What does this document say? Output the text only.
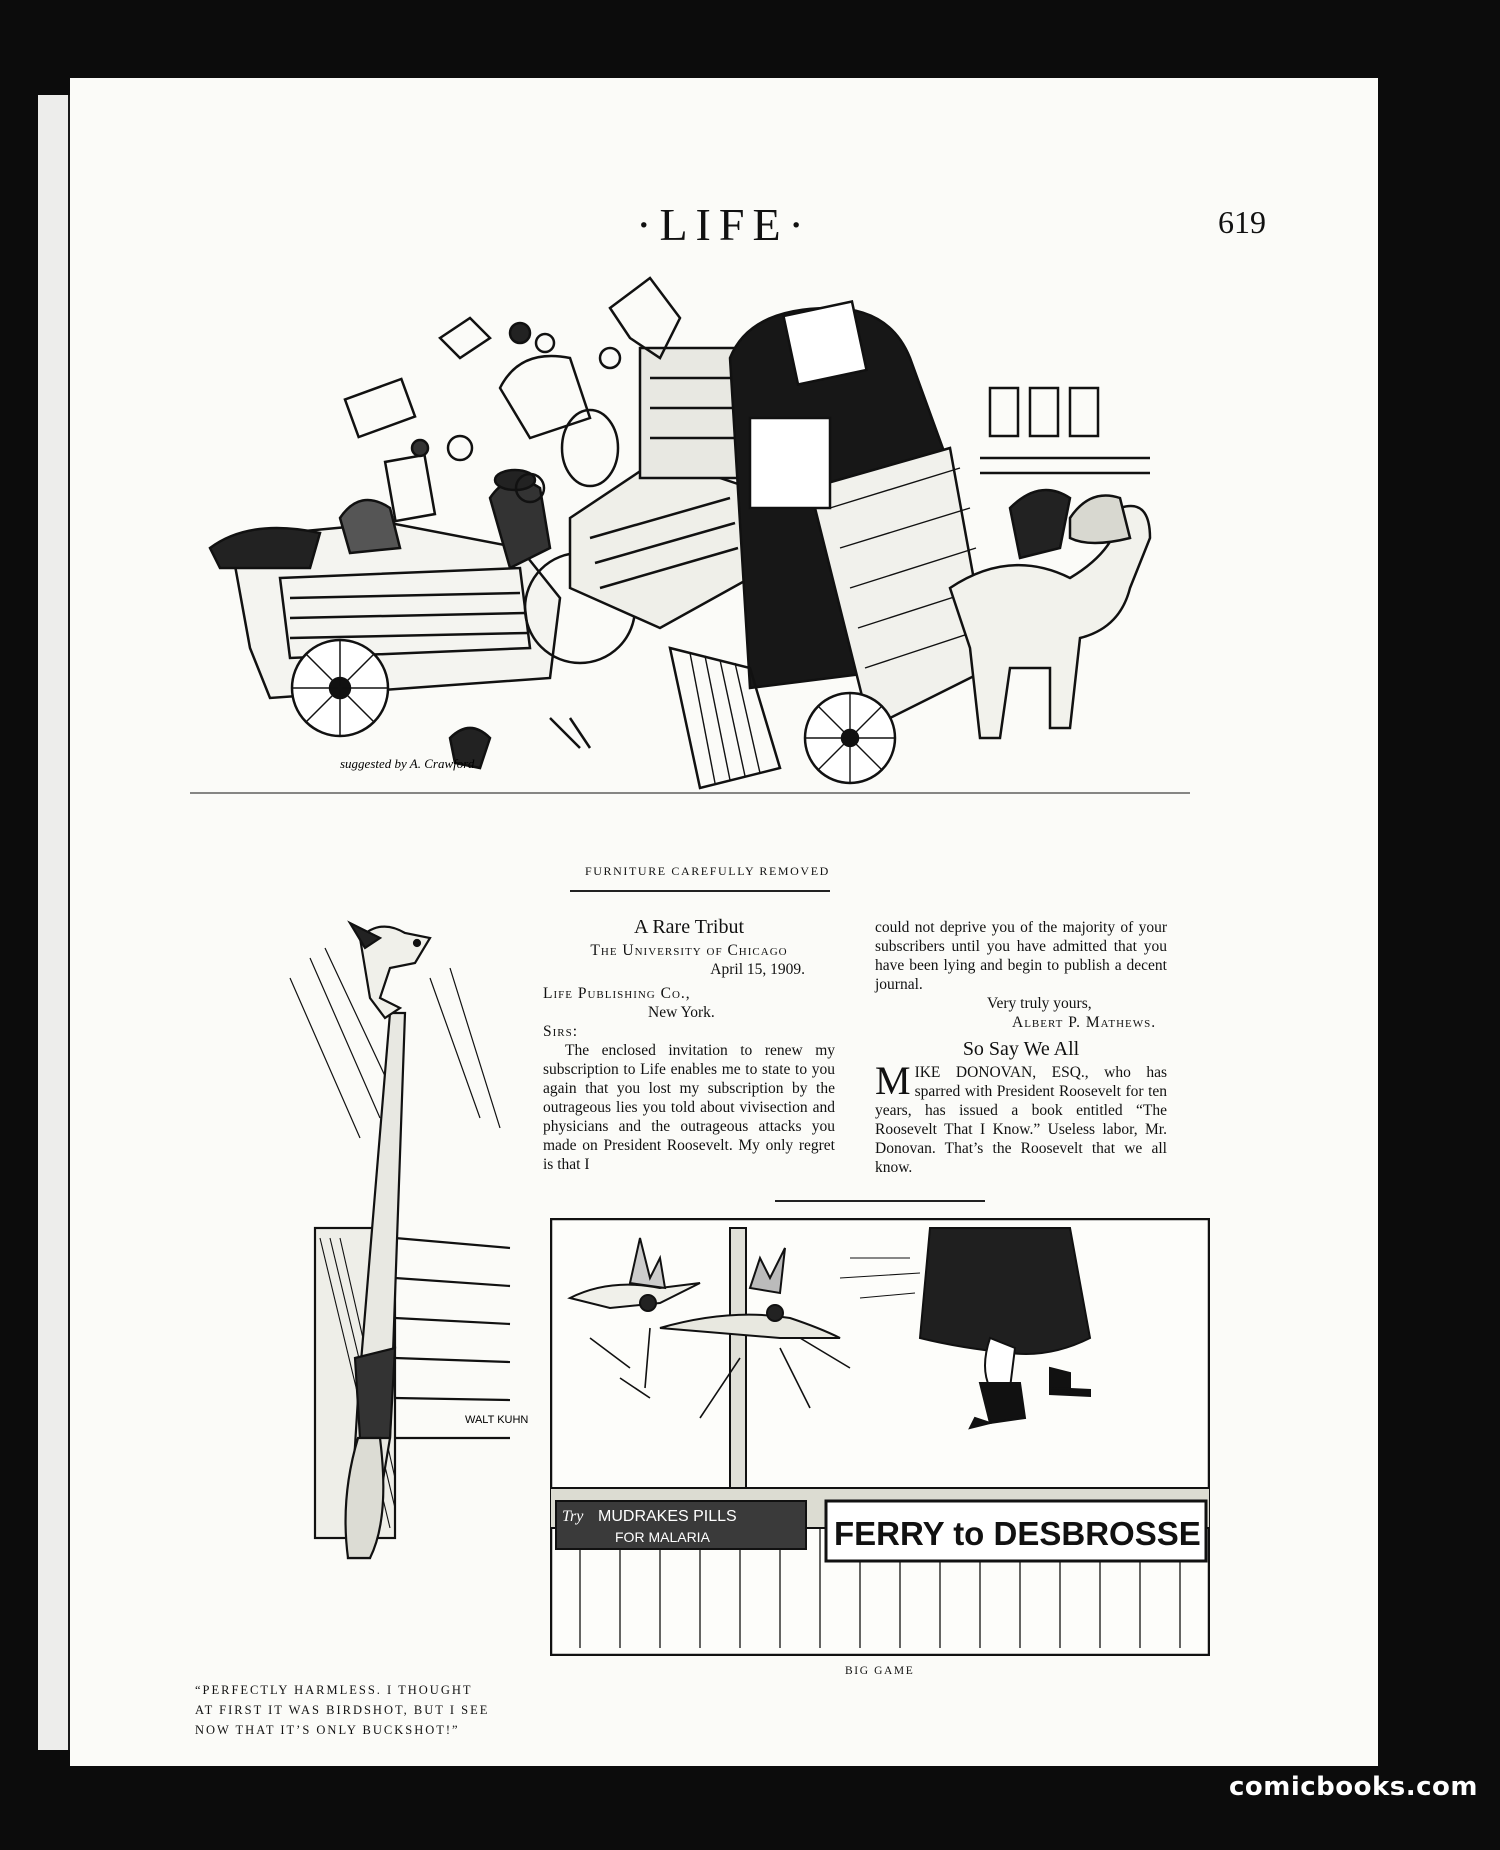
·LIFE·	619
suggested by A. Crawford
FURNITURE CAREFULLY REMOVED
WALT KUHN
“PERFECTLY HARMLESS. I THOUGHT
AT FIRST IT WAS BIRDSHOT, BUT I SEE
NOW THAT IT’S ONLY BUCKSHOT!”

A Rare Tribut

The University of Chicago

April 15, 1909.

Life Publishing Co.,

New York.

Sirs:

The enclosed invitation to renew my subscription to Life enables me to state to you again that you lost my subscription by the outrageous lies you told about vivisection and physicians and the outrageous attacks you made on President Roosevelt. My only regret is that I

could not deprive you of the majority of your subscribers until you have admitted that you have been lying and begin to publish a decent journal.

Very truly yours,

Albert P. Mathews.

So Say We All

MIKE DONOVAN, ESQ., who has sparred with President Roosevelt for ten years, has issued a book entitled “The Roosevelt That I Know.” Useless labor, Mr. Donovan. That’s the Roosevelt that we all know.

Try MUDRAKES PILLS
FOR MALARIA	FERRY to DESBROSSE
BIG GAME
comicbooks.com
